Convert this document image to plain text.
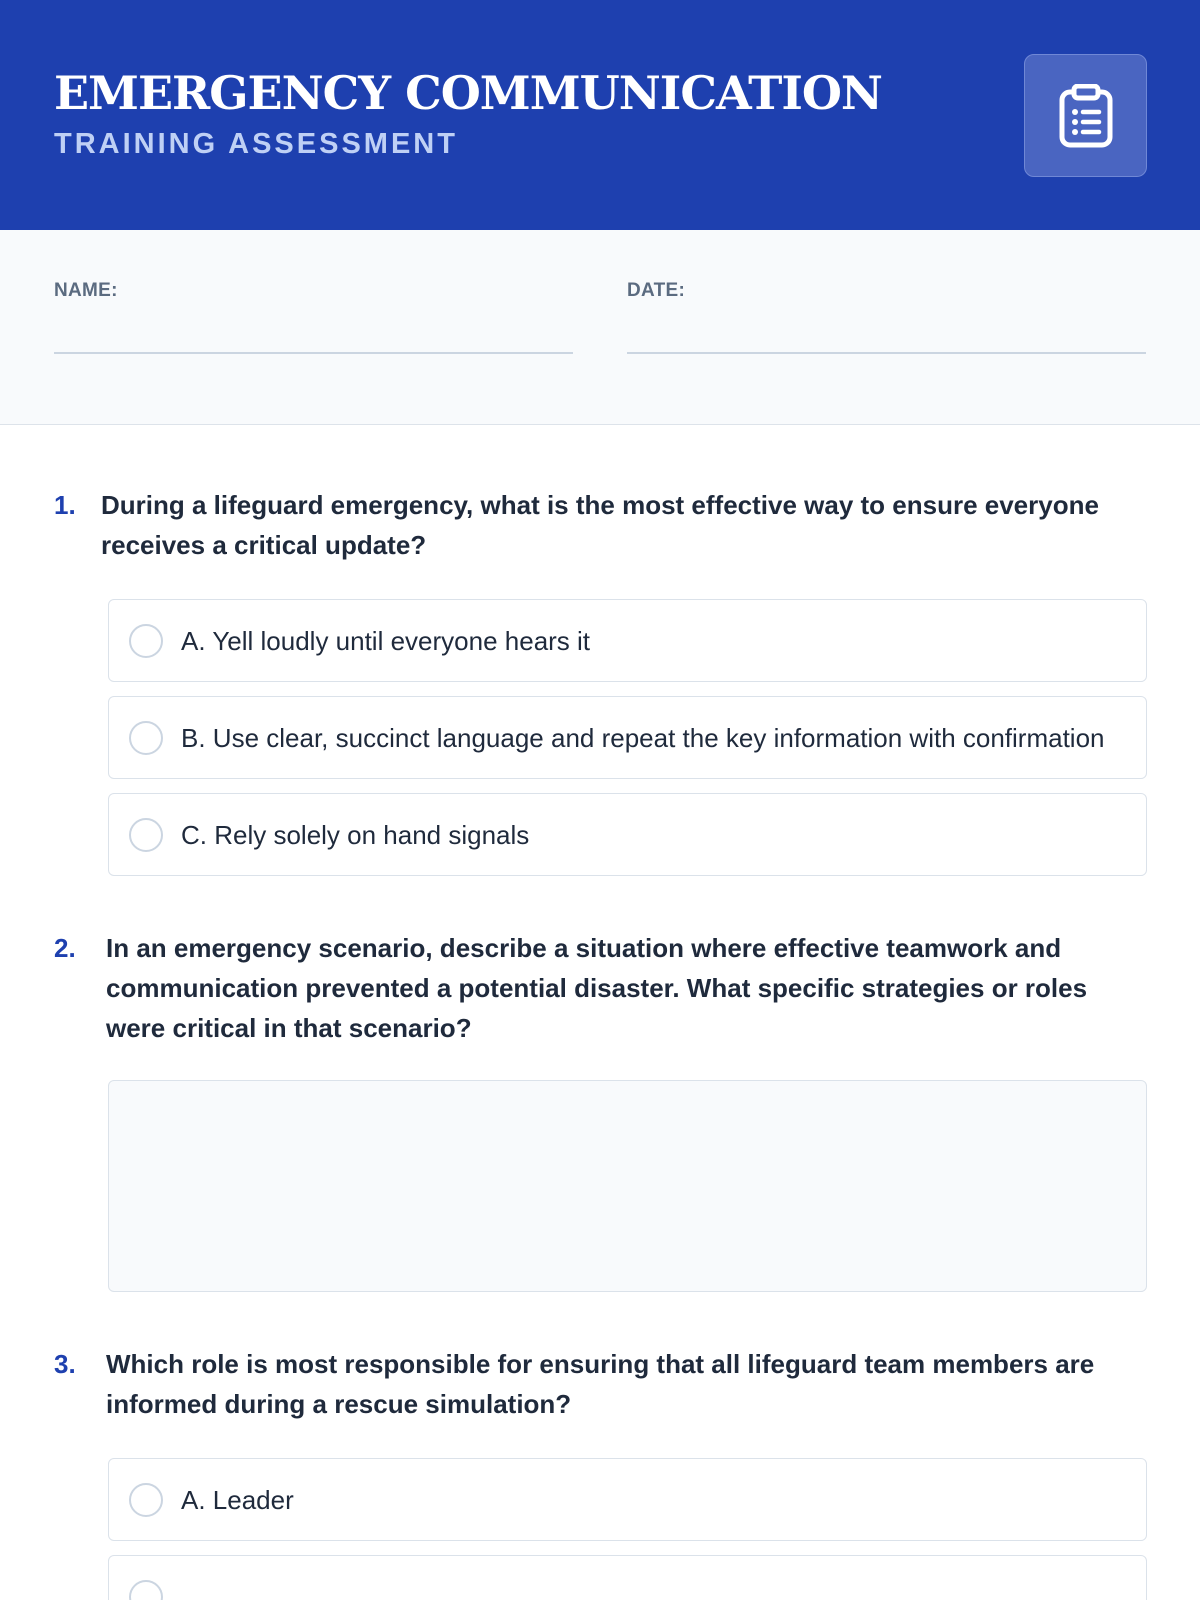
EMERGENCY COMMUNICATION
TRAINING ASSESSMENT
NAME:	DATE:
1. During a lifeguard emergency, what is the most effective way to ensure everyone receives a critical update?
A. Yell loudly until everyone hears it
B. Use clear, succinct language and repeat the key information with confirmation
C. Rely solely on hand signals
2.	In an emergency scenario, describe a situation where effective teamwork and communication prevented a potential disaster. What specific strategies or roles were critical in that scenario?
3.	Which role is most responsible for ensuring that all lifeguard team members are informed during a rescue simulation?
A. Leader
